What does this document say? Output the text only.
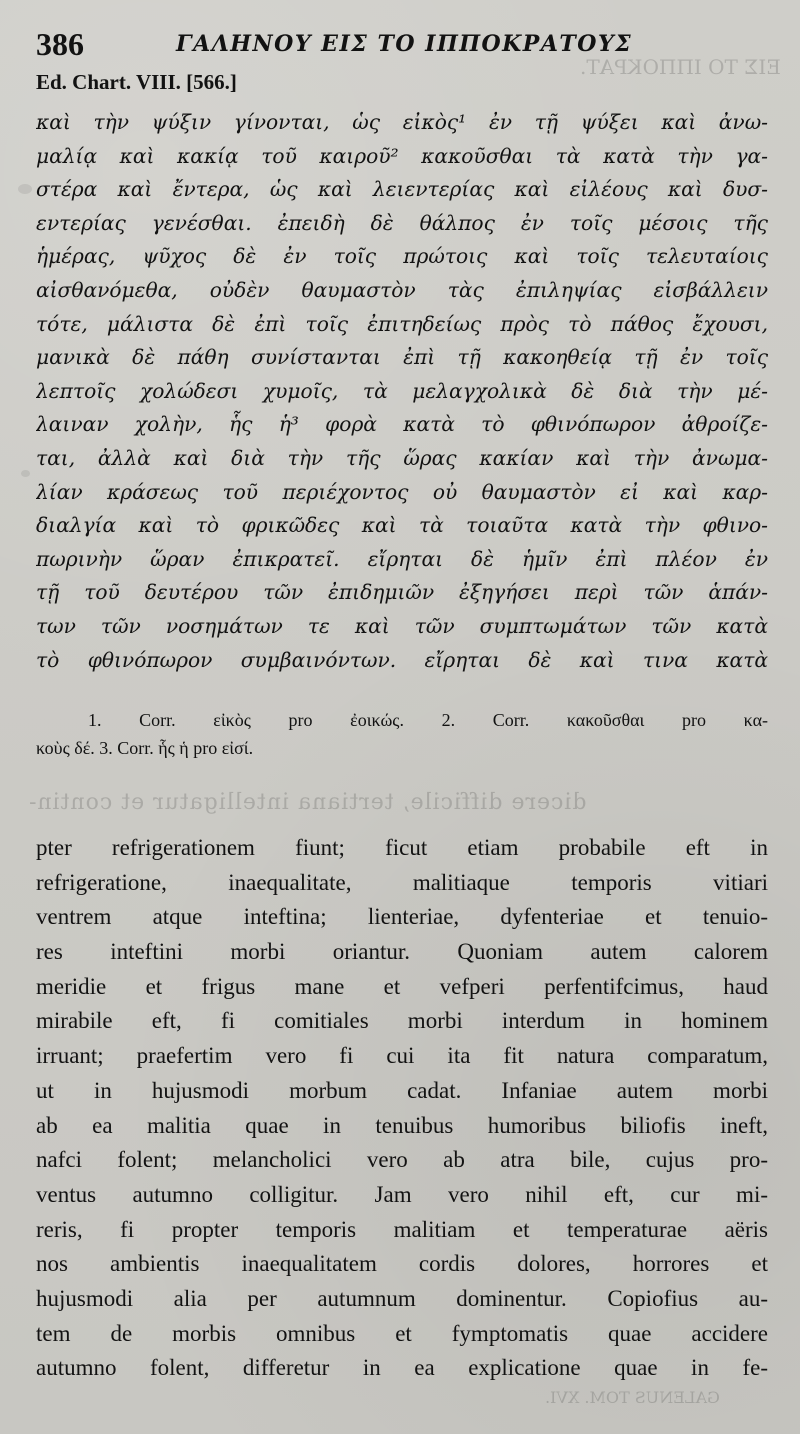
ΕΙΣ ΤΟ ΙΠΠΟΚΡΑΤ.
dicere difficile, tertiana intelligatur et contin-
GALENUS TOM. XVI.
386	ΓΑΛΗΝΟΥ ΕΙΣ ΤΟ ΙΠΠΟΚΡΑΤΟΥΣ
Ed. Chart. VIII. [566.]
καὶ τὴν ψύξιν γίνονται, ὡς εἰκὸς¹ ἐν τῇ ψύξει καὶ ἀνω-
μαλίᾳ καὶ κακίᾳ τοῦ καιροῦ² κακοῦσθαι τὰ κατὰ τὴν γα-
στέρα καὶ ἔντερα, ὡς καὶ λειεντερίας καὶ εἰλέους καὶ δυσ-
εντερίας γενέσθαι. ἐπειδὴ δὲ θάλπος ἐν τοῖς μέσοις τῆς
ἡμέρας, ψῦχος δὲ ἐν τοῖς πρώτοις καὶ τοῖς τελευταίοις
αἰσθανόμεθα, οὐδὲν θαυμαστὸν τὰς ἐπιληψίας εἰσβάλλειν
τότε, μάλιστα δὲ ἐπὶ τοῖς ἐπιτηδείως πρὸς τὸ πάθος ἔχουσι,
μανικὰ δὲ πάθη συνίστανται ἐπὶ τῇ κακοηθείᾳ τῇ ἐν τοῖς
λεπτοῖς χολώδεσι χυμοῖς, τὰ μελαγχολικὰ δὲ διὰ τὴν μέ-
λαιναν χολὴν, ἧς ἡ³ φορὰ κατὰ τὸ φθινόπωρον ἀθροίζε-
ται, ἀλλὰ καὶ διὰ τὴν τῆς ὥρας κακίαν καὶ τὴν ἀνωμα-
λίαν κράσεως τοῦ περιέχοντος οὐ θαυμαστὸν εἰ καὶ καρ-
διαλγία καὶ τὸ φρικῶδες καὶ τὰ τοιαῦτα κατὰ τὴν φθινο-
πωρινὴν ὥραν ἐπικρατεῖ. εἴρηται δὲ ἡμῖν ἐπὶ πλέον ἐν
τῇ τοῦ δευτέρου τῶν ἐπιδημιῶν ἐξηγήσει περὶ τῶν ἁπάν-
των τῶν νοσημάτων τε καὶ τῶν συμπτωμάτων τῶν κατὰ
τὸ φθινόπωρον συμβαινόντων. εἴρηται δὲ καὶ τινα κατὰ
1. Corr. εἰκὸς pro ἐοικώς. 2. Corr. κακοῦσθαι pro κα-
κοὺς δέ. 3. Corr. ἧς ἡ pro εἰσί.
pter refrigerationem fiunt; ficut etiam probabile eft in
refrigeratione, inaequalitate, malitiaque temporis vitiari
ventrem atque inteftina; lienteriae, dyfenteriae et tenuio-
res inteftini morbi oriantur. Quoniam autem calorem
meridie et frigus mane et vefperi perfentifcimus, haud
mirabile eft, fi comitiales morbi interdum in hominem
irruant; praefertim vero fi cui ita fit natura comparatum,
ut in hujusmodi morbum cadat. Infaniae autem morbi
ab ea malitia quae in tenuibus humoribus biliofis ineft,
nafci folent; melancholici vero ab atra bile, cujus pro-
ventus autumno colligitur. Jam vero nihil eft, cur mi-
reris, fi propter temporis malitiam et temperaturae aëris
nos ambientis inaequalitatem cordis dolores, horrores et
hujusmodi alia per autumnum dominentur. Copiofius au-
tem de morbis omnibus et fymptomatis quae accidere
autumno folent, differetur in ea explicatione quae in fe-
